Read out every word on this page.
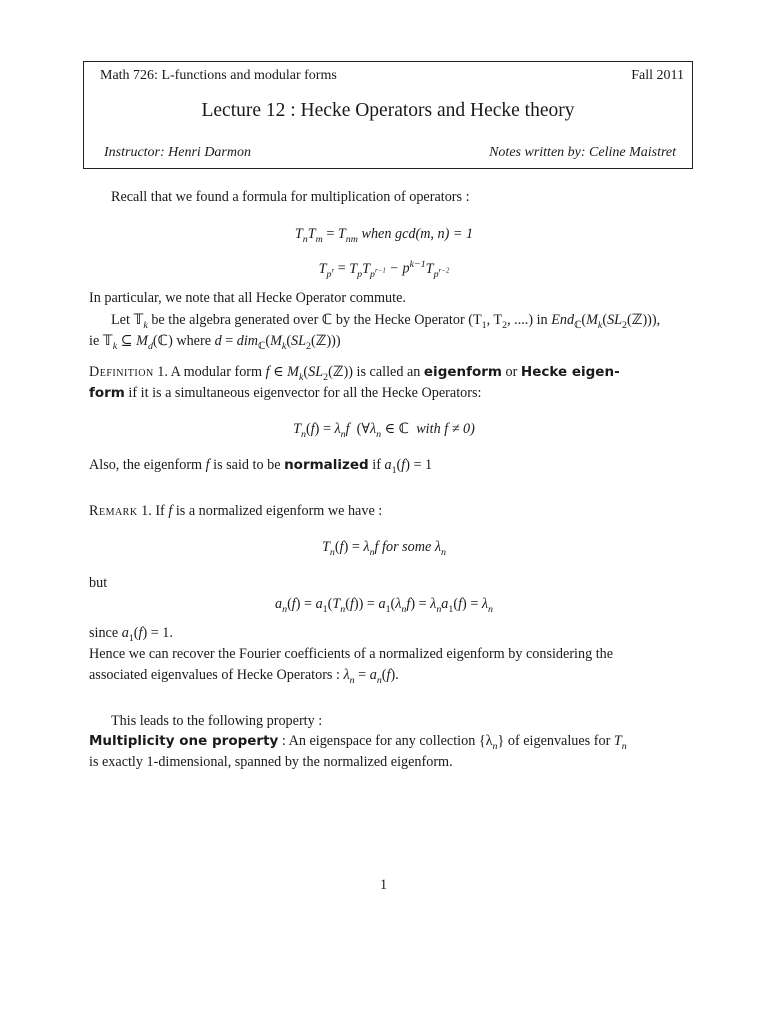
Math 726: L-functions and modular forms	Fall 2011
Lecture 12 : Hecke Operators and Hecke theory
Instructor: Henri Darmon	Notes written by: Celine Maistret
Recall that we found a formula for multiplication of operators :
$T_nT_m = T_{nm}$ when gcd(m, n) = 1
$T_{p^r} = T_pT_{p^{r-1}} - p^{k-1}T_{p^{r-2}}$
In particular, we note that all Hecke Operator commute.
Let 𝕋$_k$ be the algebra generated over ℂ by the Hecke Operator ($T_1$, $T_2$, ....) in $End_ℂ(M_k(SL_2(ℤ)))$,
ie 𝕋$_k$ ⊆ $M_d(ℂ)$ where $d = dim_ℂ(M_k(SL_2(ℤ)))$
Definition 1. A modular form f ∈ $M_k(SL_2(ℤ))$ is called an eigenform or Hecke eigen-
form if it is a simultaneous eigenvector for all the Hecke Operators:
$T_n(f) = \lambda_nf$  ($\forall\lambda_n$ ∈ ℂ with f ≠ 0)
Also, the eigenform f is said to be normalized if $a_1(f) = 1$
Remark 1. If f is a normalized eigenform we have :
$T_n(f) = \lambda_nf$ for some $\lambda_n$
but
$a_n(f) = a_1(T_n(f)) = a_1(\lambda_nf) = \lambda_na_1(f) = \lambda_n$
since $a_1(f) = 1$.
Hence we can recover the Fourier coefficients of a normalized eigenform by considering the
associated eigenvalues of Hecke Operators : $\lambda_n = a_n(f)$.
This leads to the following property :
Multiplicity one property : An eigenspace for any collection $\{\lambda_n\}$ of eigenvalues for $T_n$
is exactly 1-dimensional, spanned by the normalized eigenform.
1
